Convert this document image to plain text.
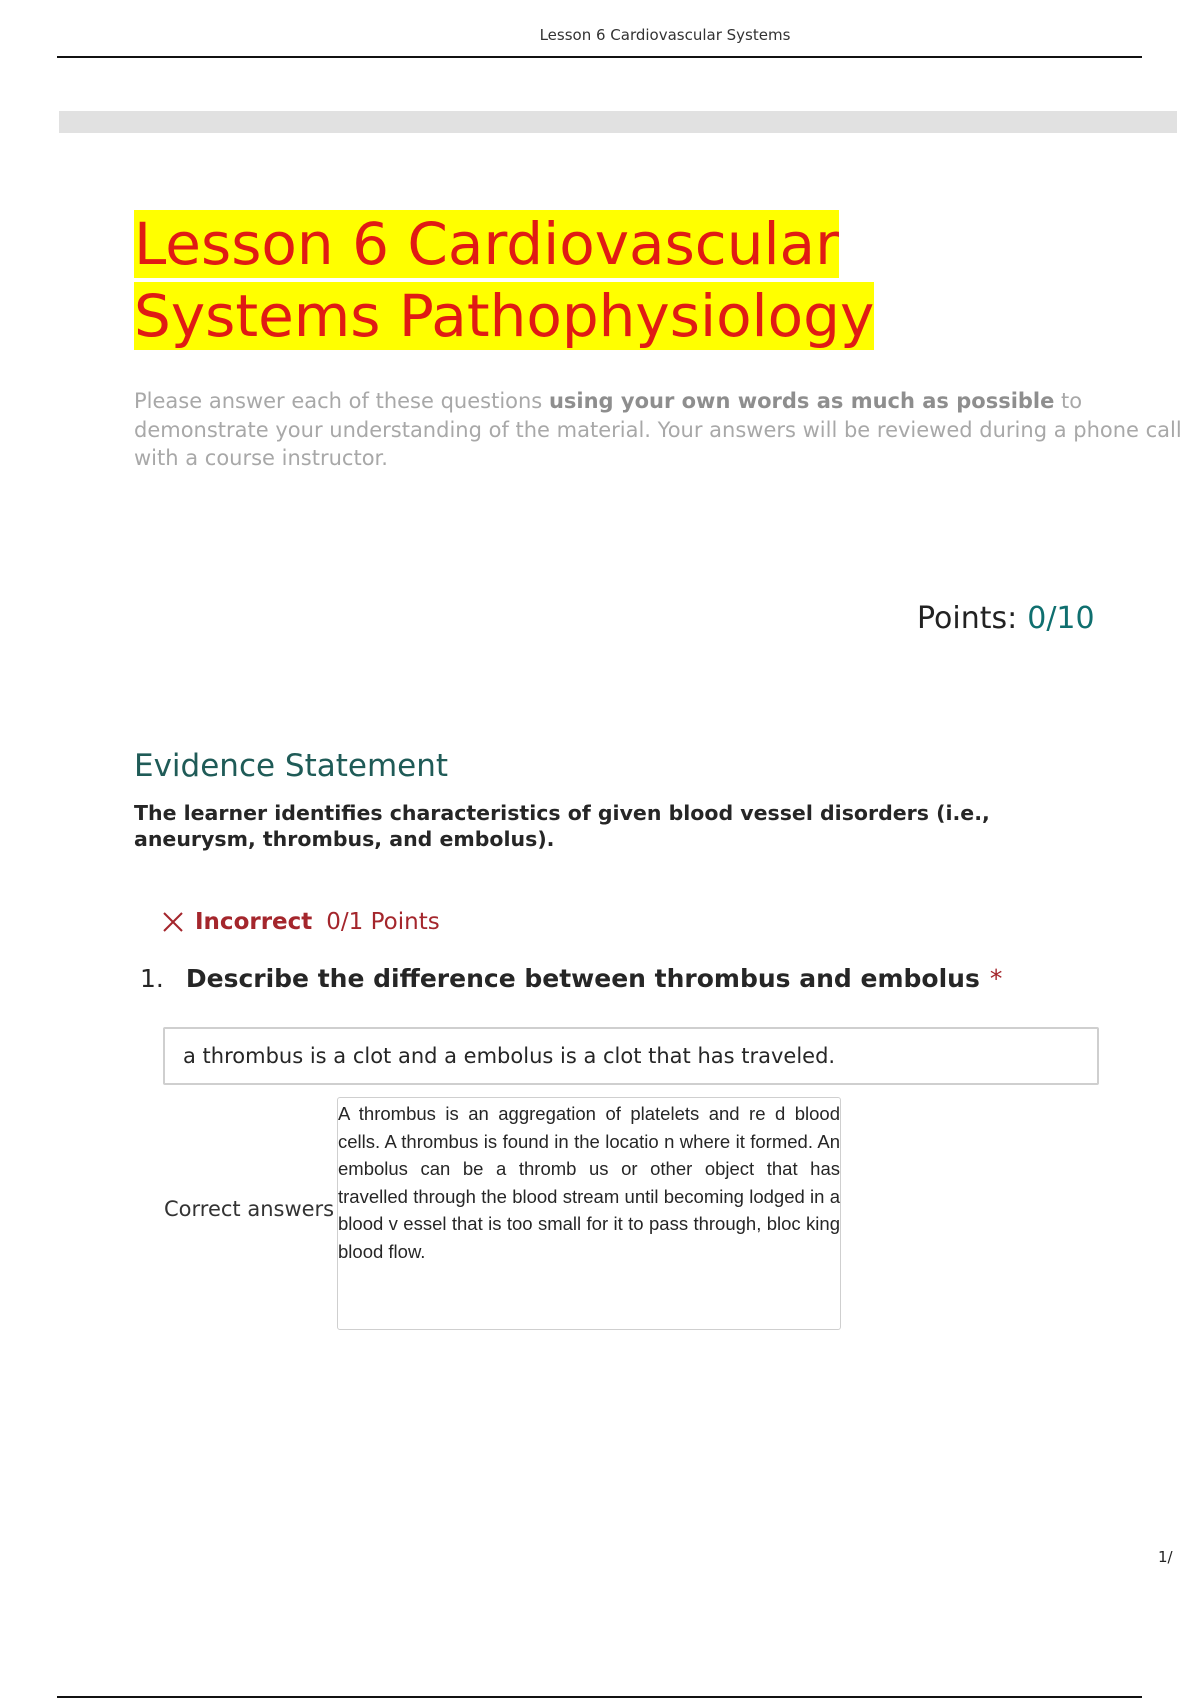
Lesson 6 Cardiovascular Systems
Lesson 6 Cardiovascular
Systems Pathophysiology

Please answer each of these questions using your own words as much as possible to demonstrate your understanding of the material. Your answers will be reviewed during a phone call with a course instructor.

Points: 0/10
Evidence Statement

The learner identifies characteristics of given blood vessel disorders (i.e., aneurysm, thrombus, and embolus).

Incorrect 0/1 Points
1. Describe the difference between thrombus and embolus *
a thrombus is a clot and a embolus is a clot that has traveled.
Correct answers

A thrombus is an aggregation of platelets and re d blood cells. A thrombus is found in the locatio n where it formed. An embolus can be a thromb us or other object that has travelled through the blood stream until becoming lodged in a blood v essel that is too small for it to pass through, bloc king blood flow.

1/
